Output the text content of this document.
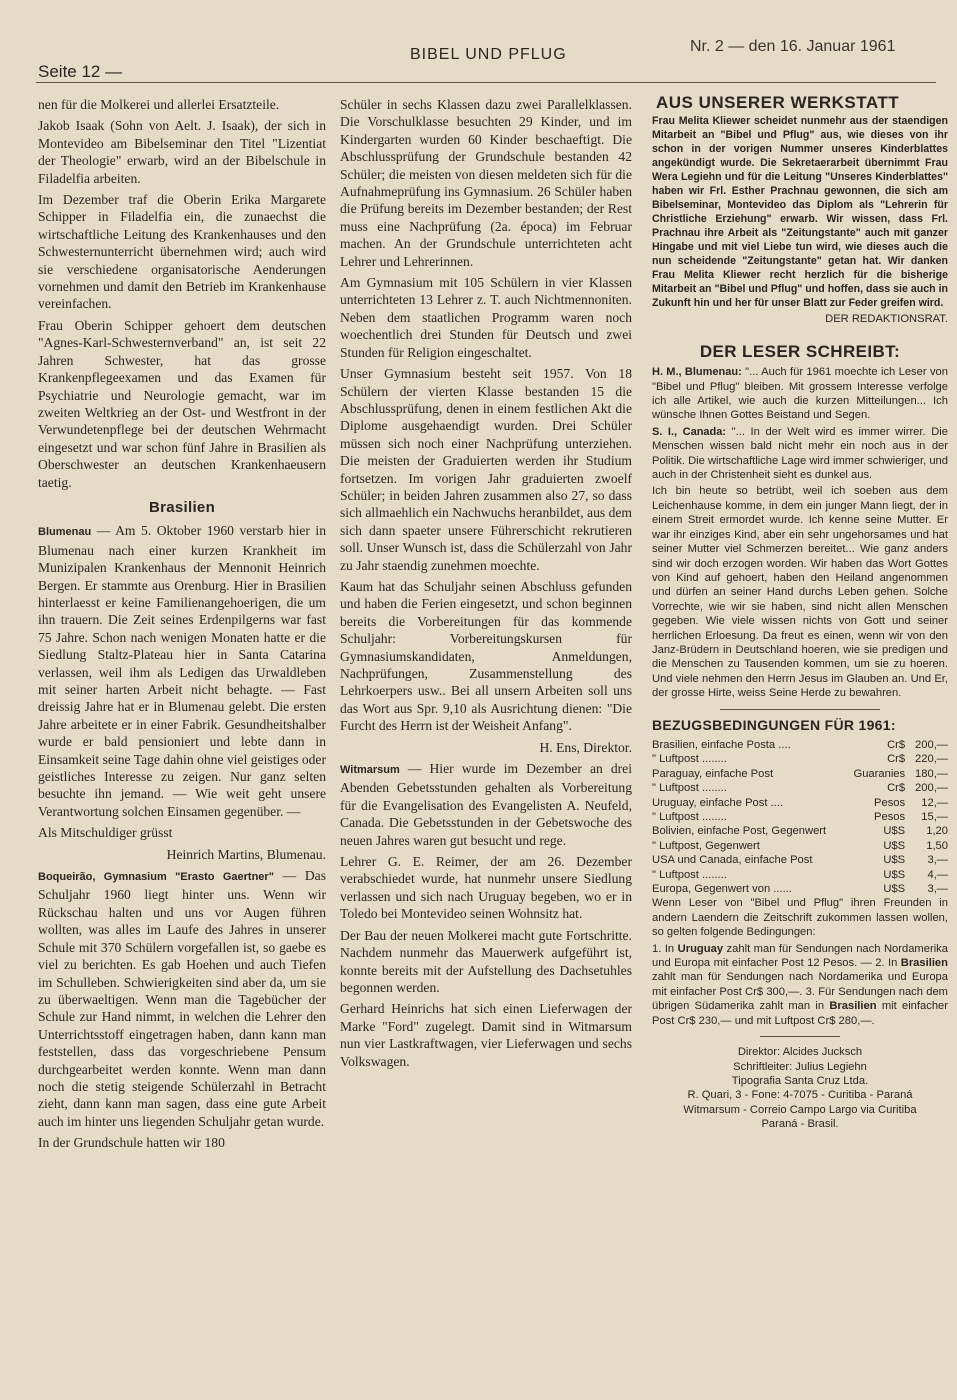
Seite 12 —
BIBEL UND PFLUG	Nr. 2 — den 16. Januar 1961

nen für die Molkerei und allerlei Ersatzteile.

Jakob Isaak (Sohn von Aelt. J. Isaak), der sich in Montevideo am Bibelseminar den Titel "Lizentiat der Theologie" erwarb, wird an der Bibelschule in Filadelfia arbeiten.

Im Dezember traf die Oberin Erika Margarete Schipper in Filadelfia ein, die zunaechst die wirtschaftliche Leitung des Krankenhauses und den Schwesternunterricht übernehmen wird; auch wird sie verschiedene organisatorische Aenderungen vornehmen und damit den Betrieb im Krankenhause vereinfachen.

Frau Oberin Schipper gehoert dem deutschen "Agnes-Karl-Schwesternverband" an, ist seit 22 Jahren Schwester, hat das grosse Krankenpflegeexamen und das Examen für Psychiatrie und Neurologie gemacht, war im zweiten Weltkrieg an der Ost- und Westfront in der Verwundetenpflege bei der deutschen Wehrmacht eingesetzt und war schon fünf Jahre in Brasilien als Oberschwester an deutschen Krankenhaeusern taetig.

Brasilien

Blumenau — Am 5. Oktober 1960 verstarb hier in Blumenau nach einer kurzen Krankheit im Munizipalen Krankenhaus der Mennonit Heinrich Bergen. Er stammte aus Orenburg. Hier in Brasilien hinterlaesst er keine Familienangehoerigen, die um ihn trauern. Die Zeit seines Erdenpilgerns war fast 75 Jahre. Schon nach wenigen Monaten hatte er die Siedlung Staltz-Plateau hier in Santa Catarina verlassen, weil ihm als Ledigen das Urwaldleben mit seiner harten Arbeit nicht behagte. — Fast dreissig Jahre hat er in Blumenau gelebt. Die ersten Jahre arbeitete er in einer Fabrik. Gesundheitshalber wurde er bald pensioniert und lebte dann in Einsamkeit seine Tage dahin ohne viel geistiges oder geistliches Interesse zu zeigen. Nur ganz selten besuchte ihn jemand. — Wie weit geht unsere Verantwortung solchen Einsamen gegenüber. —

Als Mitschuldiger grüsst

Heinrich Martins, Blumenau.

Boqueirão, Gymnasium "Erasto Gaertner" — Das Schuljahr 1960 liegt hinter uns. Wenn wir Rückschau halten und uns vor Augen führen wollten, was alles im Laufe des Jahres in unserer Schule mit 370 Schülern vorgefallen ist, so gaebe es viel zu berichten. Es gab Hoehen und auch Tiefen im Schulleben. Schwierigkeiten sind aber da, um sie zu überwaeltigen. Wenn man die Tagebücher der Schule zur Hand nimmt, in welchen die Lehrer den Unterrichtsstoff eingetragen haben, dann kann man feststellen, dass das vorgeschriebene Pensum durchgearbeitet werden konnte. Wenn man dann noch die stetig steigende Schülerzahl in Betracht zieht, dann kann man sagen, dass eine gute Arbeit auch im hinter uns liegenden Schuljahr getan wurde.

In der Grundschule hatten wir 180

Schüler in sechs Klassen dazu zwei Parallelklassen. Die Vorschulklasse besuchten 29 Kinder, und im Kindergarten wurden 60 Kinder beschaeftigt. Die Abschlussprüfung der Grundschule bestanden 42 Schüler; die meisten von diesen meldeten sich für die Aufnahmeprüfung ins Gymnasium. 26 Schüler haben die Prüfung bereits im Dezember bestanden; der Rest muss eine Nachprüfung (2a. época) im Februar machen. An der Grundschule unterrichteten acht Lehrer und Lehrerinnen.

Am Gymnasium mit 105 Schülern in vier Klassen unterrichteten 13 Lehrer z. T. auch Nichtmennoniten. Neben dem staatlichen Programm waren noch woechentlich drei Stunden für Deutsch und zwei Stunden für Religion eingeschaltet.

Unser Gymnasium besteht seit 1957. Von 18 Schülern der vierten Klasse bestanden 15 die Abschlussprüfung, denen in einem festlichen Akt die Diplome ausgehaendigt wurden. Drei Schüler müssen sich noch einer Nachprüfung unterziehen. Die meisten der Graduierten werden ihr Studium fortsetzen. Im vorigen Jahr graduierten zwoelf Schüler; in beiden Jahren zusammen also 27, so dass sich allmaehlich ein Nachwuchs heranbildet, aus dem sich dann spaeter unsere Führerschicht rekrutieren soll. Unser Wunsch ist, dass die Schülerzahl von Jahr zu Jahr staendig zunehmen moechte.

Kaum hat das Schuljahr seinen Abschluss gefunden und haben die Ferien eingesetzt, und schon beginnen bereits die Vorbereitungen für das kommende Schuljahr: Vorbereitungskursen für Gymnasiumskandidaten, Anmeldungen, Nachprüfungen, Zusammenstellung des Lehrkoerpers usw.. Bei all unsern Arbeiten soll uns das Wort aus Spr. 9,10 als Ausrichtung dienen: "Die Furcht des Herrn ist der Weisheit Anfang".

H. Ens, Direktor.

Witmarsum — Hier wurde im Dezember an drei Abenden Gebetsstunden gehalten als Vorbereitung für die Evangelisation des Evangelisten A. Neufeld, Canada. Die Gebetsstunden in der Gebetswoche des neuen Jahres waren gut besucht und rege.

Lehrer G. E. Reimer, der am 26. Dezember verabschiedet wurde, hat nunmehr unsere Siedlung verlassen und sich nach Uruguay begeben, wo er in Toledo bei Montevideo seinen Wohnsitz hat.

Der Bau der neuen Molkerei macht gute Fortschritte. Nachdem nunmehr das Mauerwerk aufgeführt ist, konnte bereits mit der Aufstellung des Dachsetuhles begonnen werden.

Gerhard Heinrichs hat sich einen Lieferwagen der Marke "Ford" zugelegt. Damit sind in Witmarsum nun vier Lastkraftwagen, vier Lieferwagen und sechs Volkswagen.

AUS UNSERER WERKSTATT

Frau Melita Kliewer scheidet nunmehr aus der staendigen Mitarbeit an "Bibel und Pflug" aus, wie dieses von ihr schon in der vorigen Nummer unseres Kinderblattes angekündigt wurde. Die Sekretaerarbeit übernimmt Frau Wera Legiehn und für die Leitung "Unseres Kinderblattes" haben wir Frl. Esther Prachnau gewonnen, die sich am Bibelseminar, Montevideo das Diplom als "Lehrerin für Christliche Erziehung" erwarb. Wir wissen, dass Frl. Prachnau ihre Arbeit als "Zeitungstante" auch mit ganzer Hingabe und mit viel Liebe tun wird, wie dieses auch die nun scheidende "Zeitungstante" getan hat. Wir danken Frau Melita Kliewer recht herzlich für die bisherige Mitarbeit an "Bibel und Pflug" und hoffen, dass sie auch in Zukunft hin und her für unser Blatt zur Feder greifen wird.

DER REDAKTIONSRAT.

DER LESER SCHREIBT:

H. M., Blumenau: "... Auch für 1961 moechte ich Leser von "Bibel und Pflug" bleiben. Mit grossem Interesse verfolge ich alle Artikel, wie auch die kurzen Mitteilungen... Ich wünsche Ihnen Gottes Beistand und Segen.

S. I., Canada: "... In der Welt wird es immer wirrer. Die Menschen wissen bald nicht mehr ein noch aus in der Politik. Die wirtschaftliche Lage wird immer schwieriger, und auch in der Christenheit sieht es dunkel aus.

Ich bin heute so betrübt, weil ich soeben aus dem Leichenhause komme, in dem ein junger Mann liegt, der in einem Streit ermordet wurde. Ich kenne seine Mutter. Er war ihr einziges Kind, aber ein sehr ungehorsames und hat seiner Mutter viel Schmerzen bereitet... Wie ganz anders sind wir doch erzogen worden. Wir haben das Wort Gottes von Kind auf gehoert, haben den Heiland angenommen und dürfen an seiner Hand durchs Leben gehen. Solche Vorrechte, wie wir sie haben, sind nicht allen Menschen gegeben. Wie viele wissen nichts von Gott und seiner herrlichen Erloesung. Da freut es einen, wenn wir von den Janz-Brüdern in Deutschland hoeren, wie sie predigen und die Menschen zu Tausenden kommen, um sie zu hoeren. Und viele nehmen den Herrn Jesus im Glauben an. Und Er, der grosse Hirte, weiss Seine Herde zu bewahren.

BEZUGSBEDINGUNGEN FÜR 1961:
Brasilien, einfache Posta ....	Cr$	200,—
" Luftpost ........	Cr$	220,—
Paraguay, einfache Post	Guaranies	180,—
" Luftpost ........	Cr$	200,—
Uruguay, einfache Post ....	Pesos	12,—
" Luftpost ........	Pesos	15,—
Bolivien, einfache Post, Gegenwert	U$S	1,20
" Luftpost, Gegenwert	U$S	1,50
USA und Canada, einfache Post	U$S	3,—
" Luftpost ........	U$S	4,—
Europa, Gegenwert von ......	U$S	3,—

Wenn Leser von "Bibel und Pflug" ihren Freunden in andern Laendern die Zeitschrift zukommen lassen wollen, so gelten folgende Bedingungen:

1. In Uruguay zahlt man für Sendungen nach Nordamerika und Europa mit einfacher Post 12 Pesos. — 2. In Brasilien zahlt man für Sendungen nach Nordamerika und Europa mit einfacher Post Cr$ 300,—. 3. Für Sendungen nach dem übrigen Südamerika zahlt man in Brasilien mit einfacher Post Cr$ 230,— und mit Luftpost Cr$ 280,—.

Direktor: Alcides Jucksch

Schriftleiter: Julius Legiehn

Tipografia Santa Cruz Ltda.

R. Quari, 3 - Fone: 4-7075 - Curitiba - Paraná

Witmarsum - Correio Campo Largo via Curitiba

Paraná - Brasil.
